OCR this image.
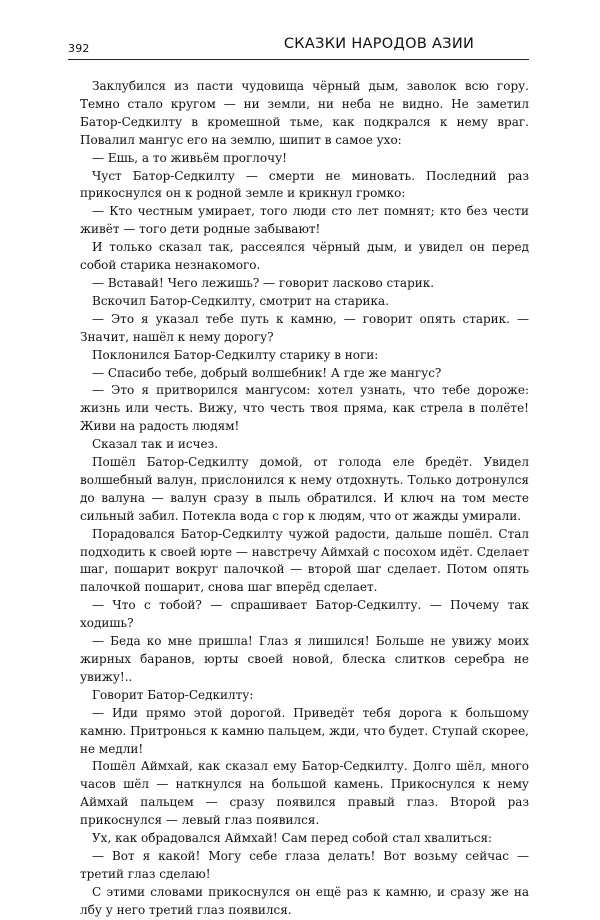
392	СКАЗКИ НАРОДОВ АЗИИ

Заклубился из пасти чудовища чёрный дым, заволок всю гору. Темно стало кругом — ни земли, ни неба не видно. Не заметил Батор-Седкилту в кромешной тьме, как подкрался к нему враг. Повалил мангус его на землю, шипит в самое ухо:

— Ешь, а то живьём проглочу!

Чуст Батор-Седкилту — смерти не миновать. Последний раз прикоснулся он к родной земле и крикнул громко:

— Кто честным умирает, того люди сто лет помнят; кто без чести живёт — того дети родные забывают!

И только сказал так, рассеялся чёрный дым, и увидел он перед собой старика незнакомого.

— Вставай! Чего лежишь? — говорит ласково старик.

Вскочил Батор-Седкилту, смотрит на старика.

— Это я указал тебе путь к камню, — говорит опять старик. — Значит, нашёл к нему дорогу?

Поклонился Батор-Седкилту старику в ноги:

— Спасибо тебе, добрый волшебник! А где же мангус?

— Это я притворился мангусом: хотел узнать, что тебе дороже: жизнь или честь. Вижу, что честь твоя пряма, как стрела в полёте! Живи на радость людям!

Сказал так и исчез.

Пошёл Батор-Седкилту домой, от голода еле бредёт. Увидел волшебный валун, прислонился к нему отдохнуть. Только дотронулся до валуна — валун сразу в пыль обратился. И ключ на том месте сильный забил. Потекла вода с гор к людям, что от жажды умирали.

Порадовался Батор-Седкилту чужой радости, дальше пошёл. Стал подходить к своей юрте — навстречу Аймхай с посохом идёт. Сделает шаг, пошарит вокруг палочкой — второй шаг сделает. Потом опять палочкой пошарит, снова шаг вперёд сделает.

— Что с тобой? — спрашивает Батор-Седкилту. — Почему так ходишь?

— Беда ко мне пришла! Глаз я лишился! Больше не увижу моих жирных баранов, юрты своей новой, блеска слитков серебра не увижу!..

Говорит Батор-Седкилту:

— Иди прямо этой дорогой. Приведёт тебя дорога к большому камню. Притронься к камню пальцем, жди, что будет. Ступай скорее, не медли!

Пошёл Аймхай, как сказал ему Батор-Седкилту. Долго шёл, много часов шёл — наткнулся на большой камень. Прикоснулся к нему Аймхай пальцем — сразу появился правый глаз. Второй раз прикоснулся — левый глаз появился.

Ух, как обрадовался Аймхай! Сам перед собой стал хвалиться:

— Вот я какой! Могу себе глаза делать! Вот возьму сейчас — третий глаз сделаю!

С этими словами прикоснулся он ещё раз к камню, и сразу же на лбу у него третий глаз появился.
